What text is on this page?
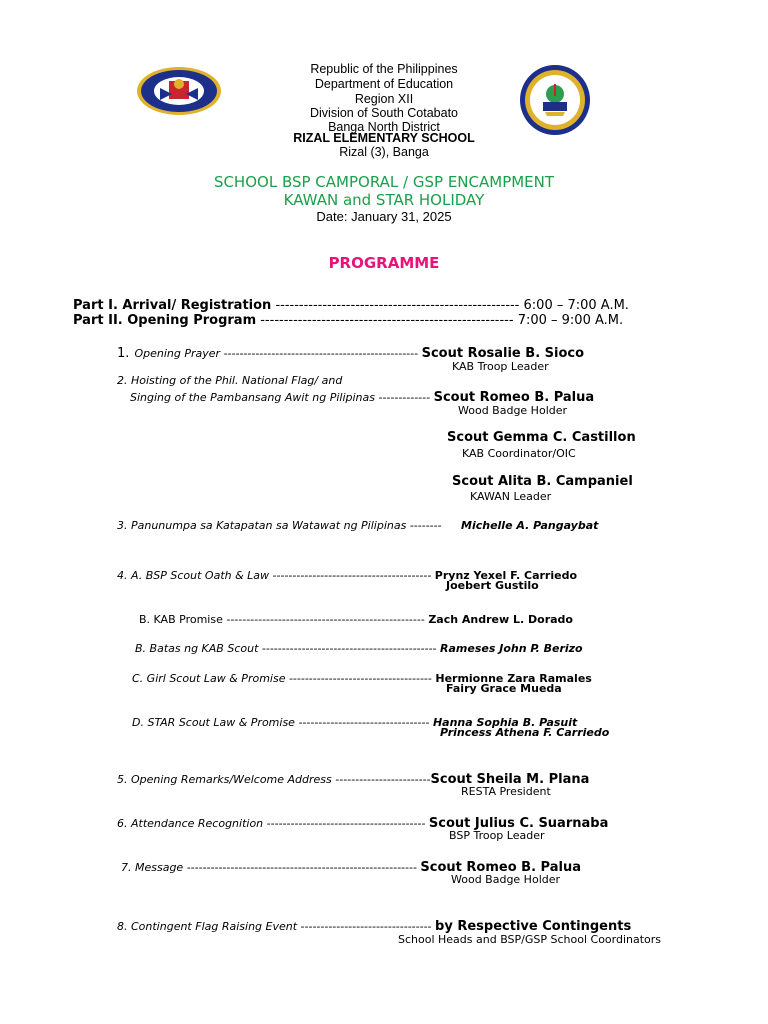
Republic of the Philippines
Department of Education
Region XII
Division of South Cotabato
Banga North District
RIZAL ELEMENTARY SCHOOL
Rizal (3), Banga
SCHOOL BSP CAMPORAL / GSP ENCAMPMENT
KAWAN and STAR HOLIDAY
Date: January 31, 2025
PROGRAMME
Part I. Arrival/ Registration ---------------------------------------------------- 6:00 – 7:00 A.M.
Part II. Opening Program ------------------------------------------------------ 7:00 – 9:00 A.M.
1. Opening Prayer ------------------------------------------------- Scout Rosalie B. Sioco
KAB Troop Leader
2. Hoisting of the Phil. National Flag/ and
Singing of the Pambansang Awit ng Pilipinas ------------- Scout Romeo B. Palua
Wood Badge Holder
Scout Gemma C. Castillon
KAB Coordinator/OIC
Scout Alita B. Campaniel
KAWAN Leader
3. Panunumpa sa Katapatan sa Watawat ng Pilipinas -------- Michelle A. Pangaybat
4. A. BSP Scout Oath & Law ---------------------------------------- Prynz Yexel F. Carriedo
Joebert Gustilo
B. KAB Promise -------------------------------------------------- Zach Andrew L. Dorado
B. Batas ng KAB Scout -------------------------------------------- Rameses John P. Berizo
C. Girl Scout Law & Promise ------------------------------------ Hermionne Zara Ramales
Fairy Grace Mueda
D. STAR Scout Law & Promise --------------------------------- Hanna Sophia B. Pasuit
Princess Athena F. Carriedo
5. Opening Remarks/Welcome Address ------------------------Scout Sheila M. Plana
RESTA President
6. Attendance Recognition ---------------------------------------- Scout Julius C. Suarnaba
BSP Troop Leader
7. Message ---------------------------------------------------------- Scout Romeo B. Palua
Wood Badge Holder
8. Contingent Flag Raising Event --------------------------------- by Respective Contingents
School Heads and BSP/GSP School Coordinators
